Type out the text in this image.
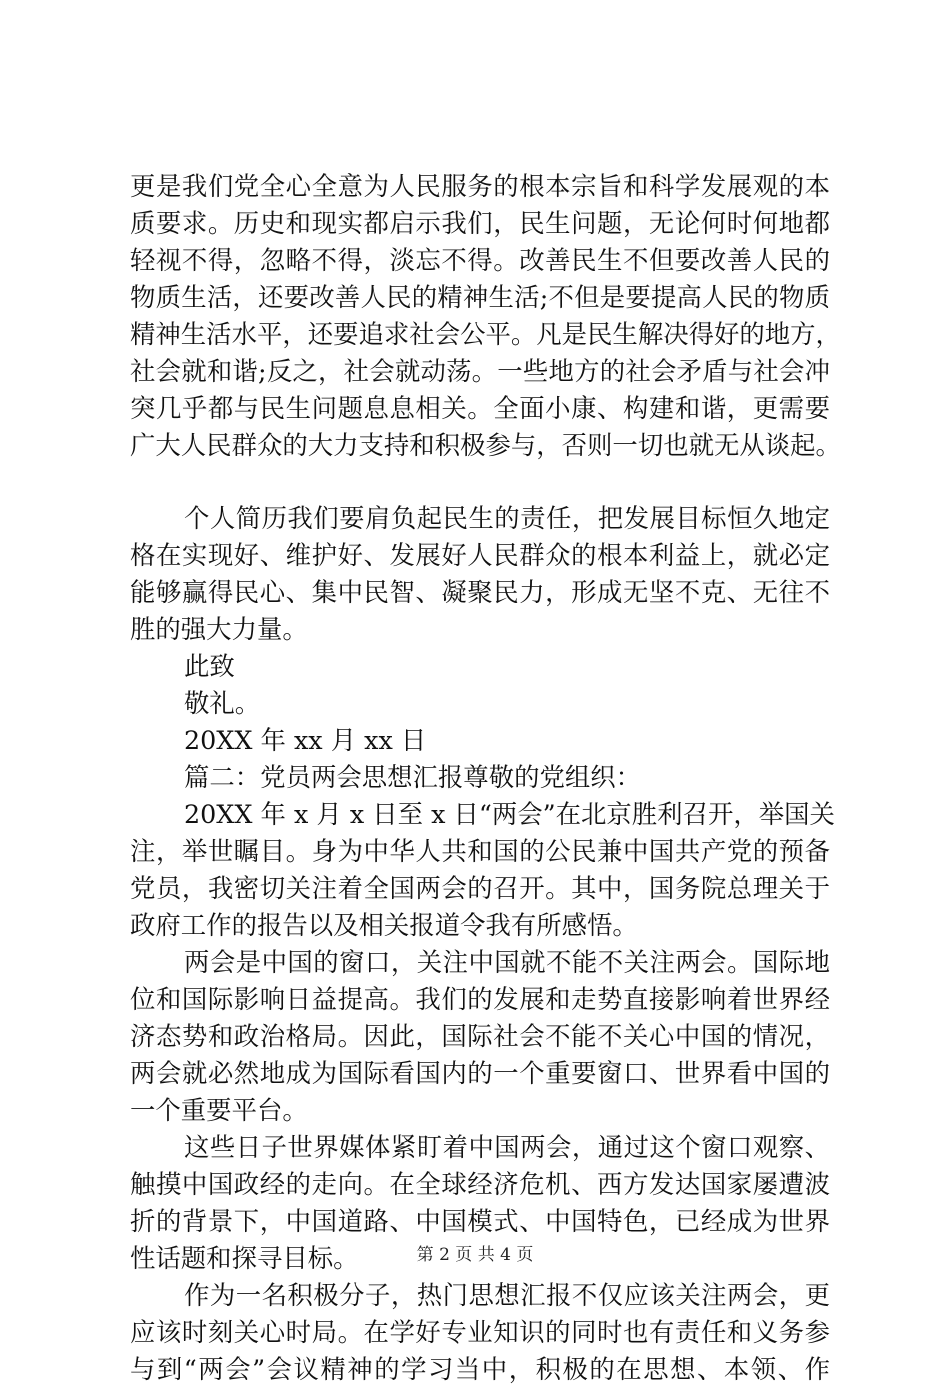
更是我们党全心全意为人民服务的根本宗旨和科学发展观的本
质要求。历史和现实都启示我们，民生问题，无论何时何地都
轻视不得，忽略不得，淡忘不得。改善民生不但要改善人民的
物质生活，还要改善人民的精神生活;不但是要提高人民的物质
精神生活水平，还要追求社会公平。凡是民生解决得好的地方，
社会就和谐;反之，社会就动荡。一些地方的社会矛盾与社会冲
突几乎都与民生问题息息相关。全面小康、构建和谐，更需要
广大人民群众的大力支持和积极参与，否则一切也就无从谈起。
个人简历我们要肩负起民生的责任，把发展目标恒久地定
格在实现好、维护好、发展好人民群众的根本利益上，就必定
能够赢得民心、集中民智、凝聚民力，形成无坚不克、无往不
胜的强大力量。
此致
敬礼。
20XX 年 xx 月 xx 日
篇二：党员两会思想汇报尊敬的党组织：
20XX 年 x 月 x 日至 x 日“两会”在北京胜利召开，举国关
注，举世瞩目。身为中华人共和国的公民兼中国共产党的预备
党员，我密切关注着全国两会的召开。其中，国务院总理关于
政府工作的报告以及相关报道令我有所感悟。
两会是中国的窗口，关注中国就不能不关注两会。国际地
位和国际影响日益提高。我们的发展和走势直接影响着世界经
济态势和政治格局。因此，国际社会不能不关心中国的情况，
两会就必然地成为国际看国内的一个重要窗口、世界看中国的
一个重要平台。
这些日子世界媒体紧盯着中国两会，通过这个窗口观察、
触摸中国政经的走向。在全球经济危机、西方发达国家屡遭波
折的背景下，中国道路、中国模式、中国特色，已经成为世界
性话题和探寻目标。
作为一名积极分子，热门思想汇报不仅应该关注两会，更
应该时刻关心时局。在学好专业知识的同时也有责任和义务参
与到“两会”会议精神的学习当中，积极的在思想、本领、作
第 2 页 共 4 页
